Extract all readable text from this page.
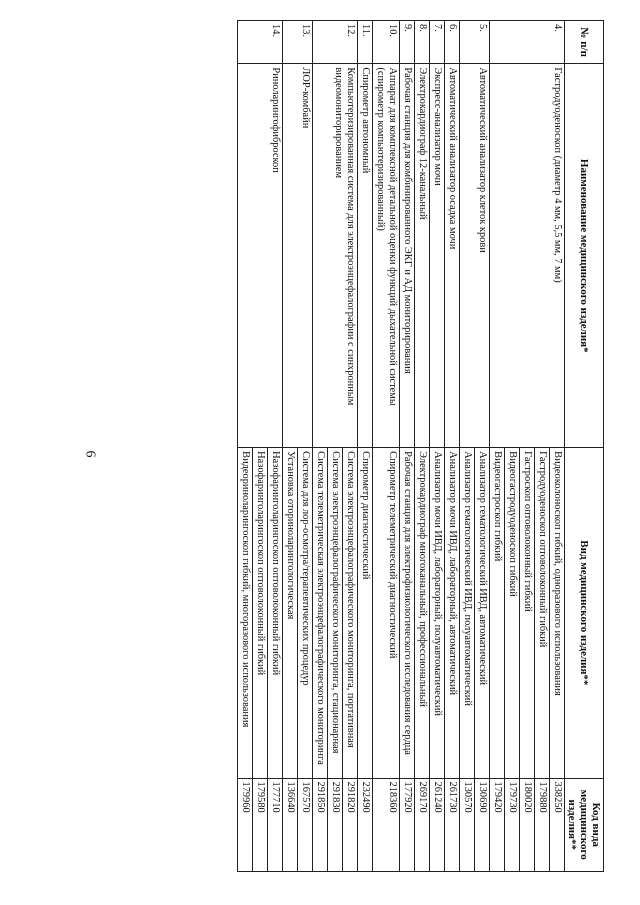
6
№ п/п	Наименование медицинского изделия*	Вид медицинского изделия**	Код вида медицинского изделия**
4.	Гастродуоденоскоп (диаметр 4 мм, 5,5 мм, 7 мм)	Видеоколоноскоп гибкий, одноразового использования	338250
		Гастродуоденоскоп оптоволоконный гибкий	179880
		Гастроскоп оптоволоконный гибкий	180020
		Видеогастродуоденоскоп гибкий	179730
		Видеогастроскоп гибкий	179420
5.	Автоматический анализатор клеток крови	Анализатор гематологический ИВД, автоматический	130690
		Анализатор гематологический ИВД, полуавтоматический	130570
6.	Автоматический анализатор осадка мочи	Анализатор мочи ИВД, лабораторный, автоматический	261730
7.	Экспресс-анализатор мочи	Анализатор мочи ИВД, лабораторный, полуавтоматический	261240
8.	Электрокардиограф 12-канальный	Электрокардиограф многоканальный, профессиональный	269170
9.	Рабочая станция для комбинированного ЭКГ и АД мониторирования	Рабочая станция для электрофизиологического исследования сердца	177920
10.	Аппарат для комплексной детальной оценки функций дыхательной системы (спирометр компьютеризированный)	Спирометр телеметрический диагностический	218360
11.	Спирометр автономный	Спирометр диагностический	232490
12.	Компьютеризированная система для электроэнцефалографии с синхронным видеомониторированием	Система электроэнцефалографического мониторинга, портативная	291820
		Система электроэнцефалографического мониторинга, стационарная	291830
		Система телеметрическая электроэнцефалографического мониторинга	291850
13.	ЛОР-комбайн	Система для лор-осмотра/терапевтических процедур	167570
		Установка оториноларингологическая	136640
14.	Риноларингофиброскоп	Назофаринголарингоскоп оптоволоконный гибкий	177710
		Назофаринголарингоскоп оптоволоконный гибкий	179580
		Видеориноларингоскоп гибкий, многоразового использования	179960
